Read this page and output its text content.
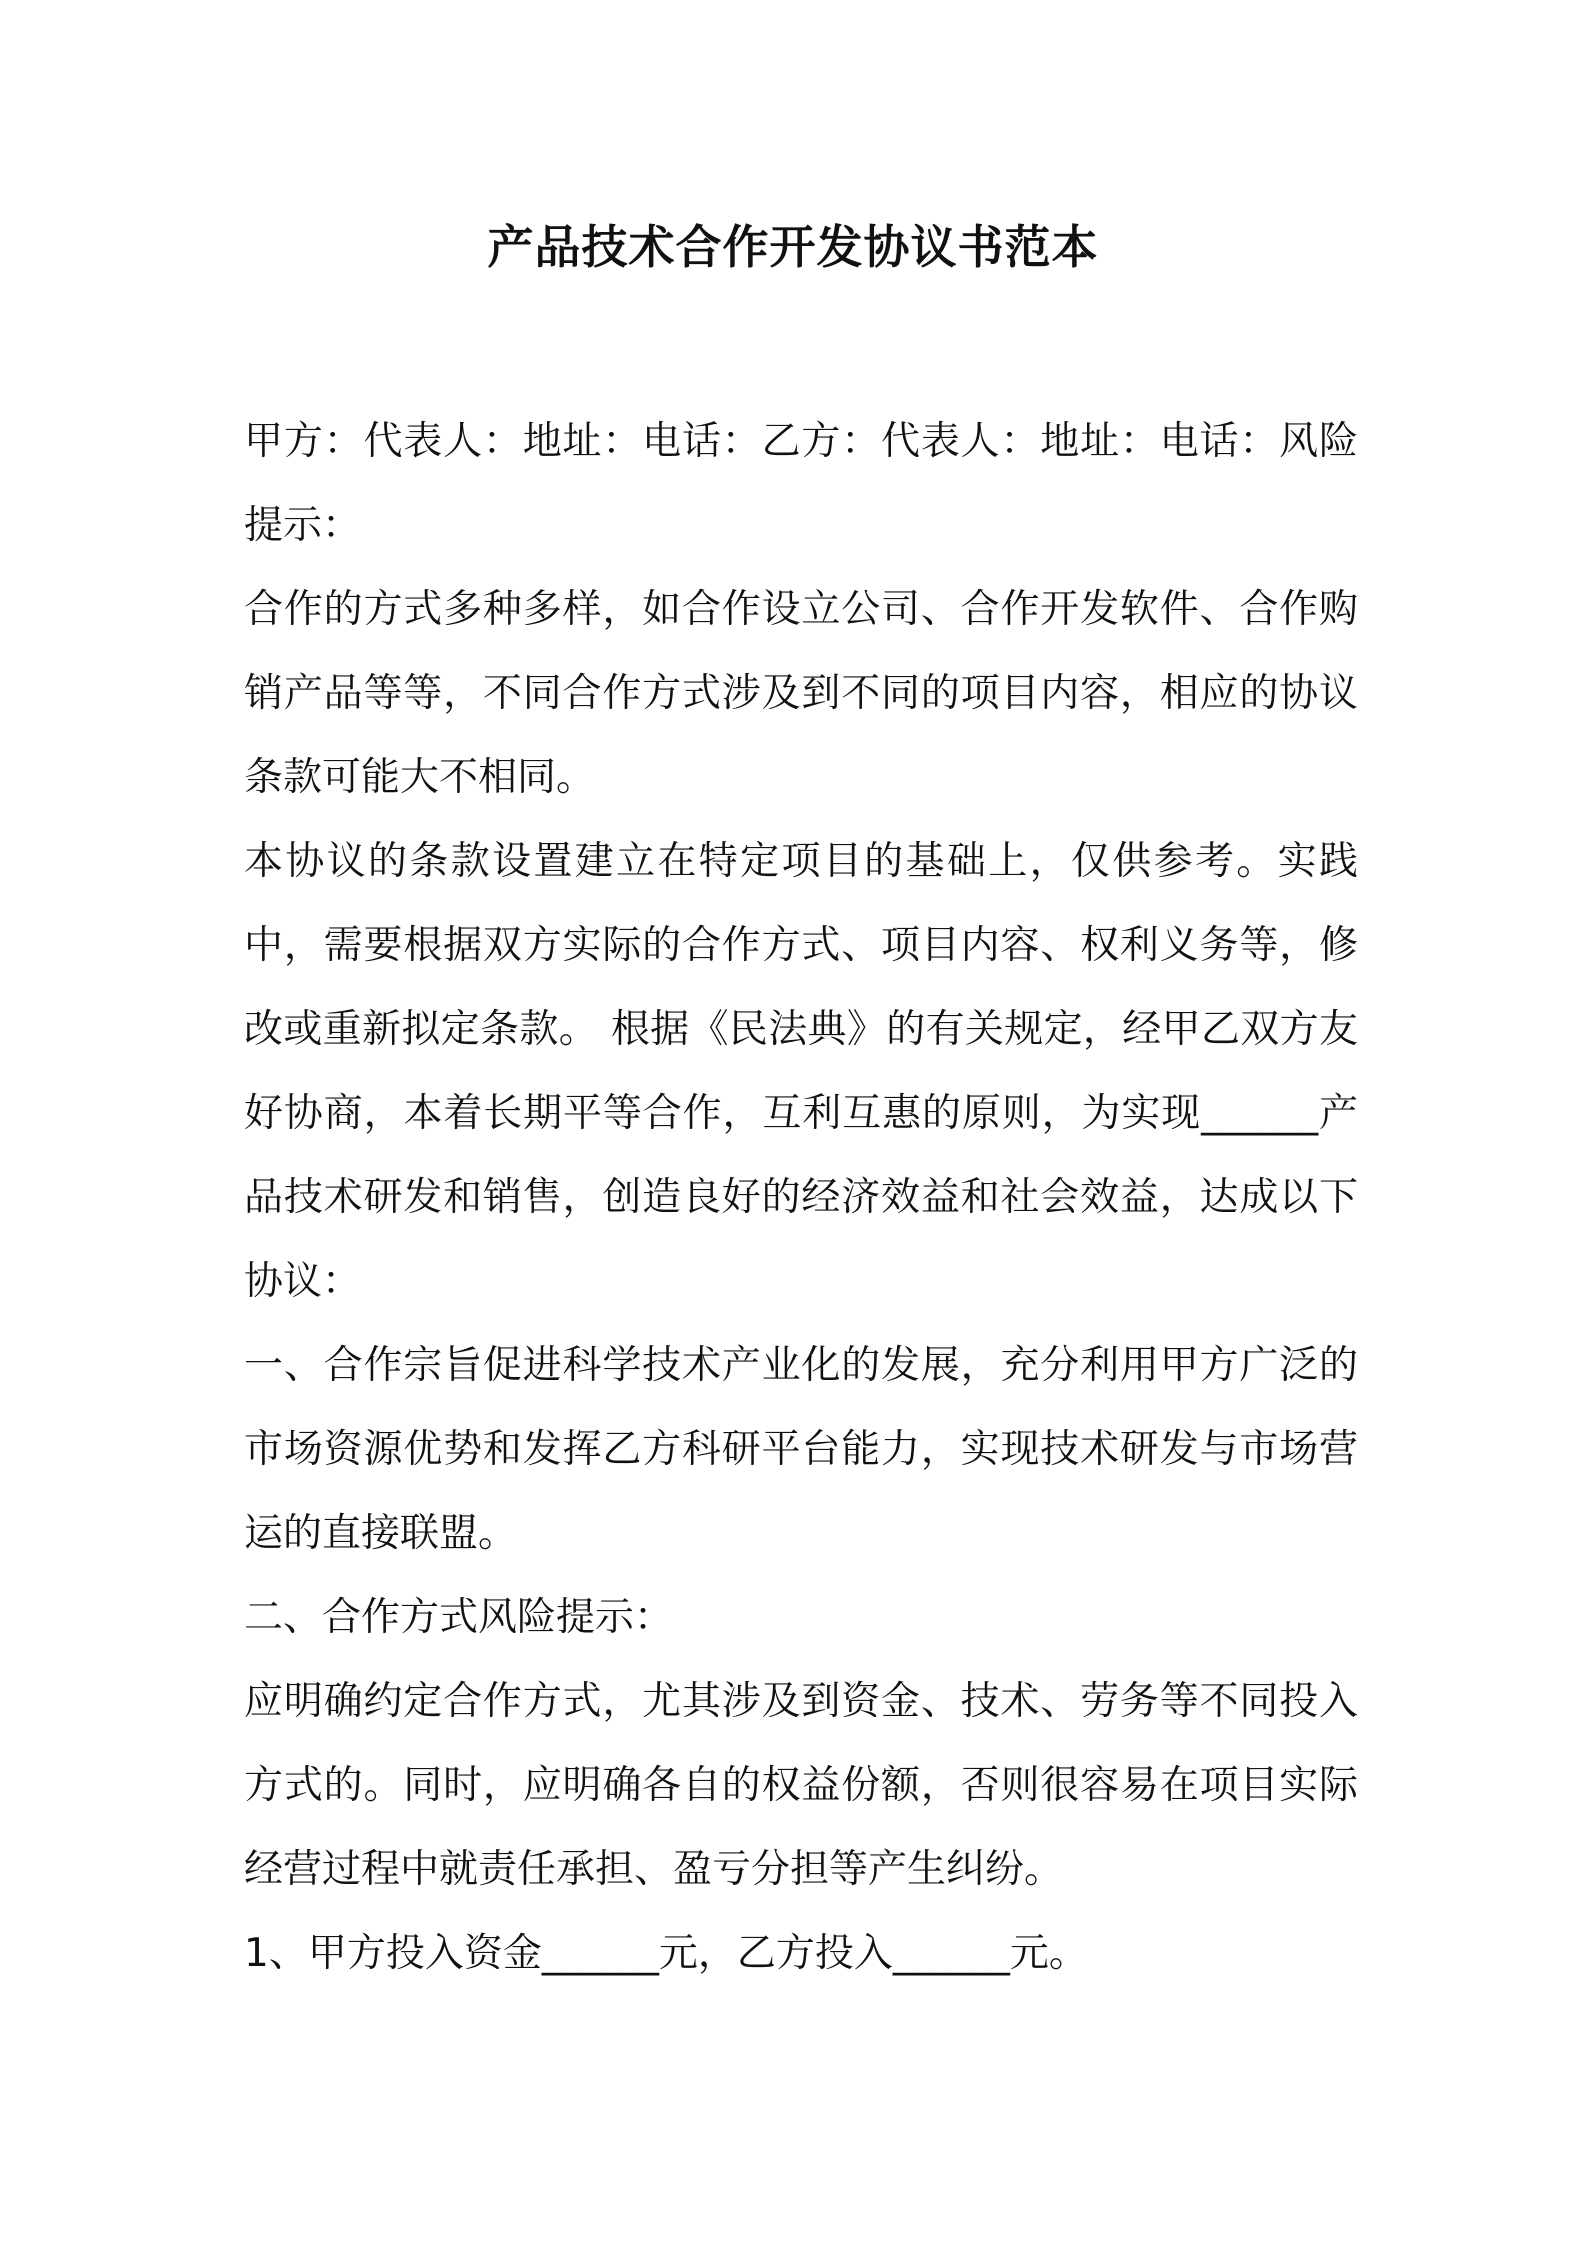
产品技术合作开发协议书范本

甲方：代表人：地址：电话：乙方：代表人：地址：电话：风险提示：

合作的方式多种多样，如合作设立公司、合作开发软件、合作购销产品等等，不同合作方式涉及到不同的项目内容，相应的协议条款可能大不相同。

本协议的条款设置建立在特定项目的基础上，仅供参考。实践中，需要根据双方实际的合作方式、项目内容、权利义务等，修改或重新拟定条款。 根据《民法典》的有关规定，经甲乙双方友好协商，本着长期平等合作，互利互惠的原则，为实现______产品技术研发和销售，创造良好的经济效益和社会效益，达成以下协议：

一、合作宗旨促进科学技术产业化的发展，充分利用甲方广泛的市场资源优势和发挥乙方科研平台能力，实现技术研发与市场营运的直接联盟。

二、合作方式风险提示：

应明确约定合作方式，尤其涉及到资金、技术、劳务等不同投入方式的。同时，应明确各自的权益份额，否则很容易在项目实际经营过程中就责任承担、盈亏分担等产生纠纷。

1、甲方投入资金______元，乙方投入______元。
